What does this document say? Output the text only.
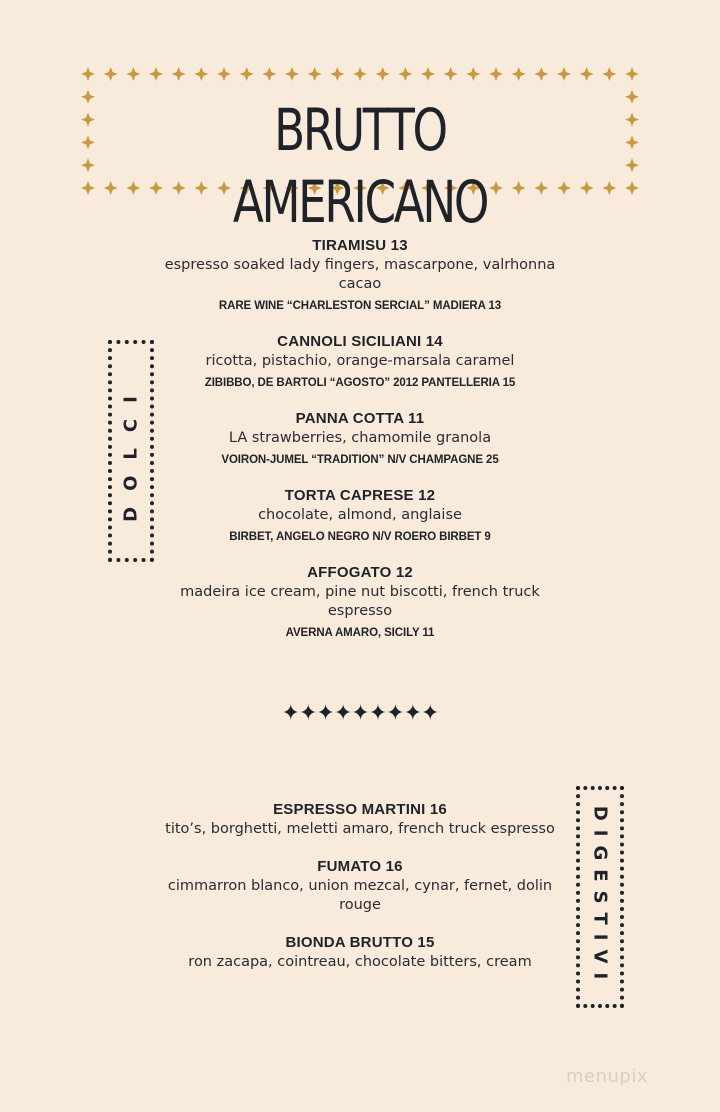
BRUTTO AMERICANO
DOLCI
TIRAMISU 13
espresso soaked lady fingers, mascarpone, valrhonna cacao
RARE WINE “CHARLESTON SERCIAL” MADIERA 13
CANNOLI SICILIANI 14
ricotta, pistachio, orange-marsala caramel
ZIBIBBO, DE BARTOLI “AGOSTO” 2012 PANTELLERIA 15
PANNA COTTA 11
LA strawberries, chamomile granola
VOIRON-JUMEL “TRADITION” N/V CHAMPAGNE 25
TORTA CAPRESE 12
chocolate, almond, anglaise
BIRBET, ANGELO NEGRO N/V ROERO BIRBET 9
AFFOGATO 12
madeira ice cream, pine nut biscotti, french truck espresso
AVERNA AMARO, SICILY 11
✦✦✦✦✦✦✦✦✦
DIGESTIVI
ESPRESSO MARTINI 16
tito’s, borghetti, meletti amaro, french truck espresso
FUMATO 16
cimmarron blanco, union mezcal, cynar, fernet, dolin rouge
BIONDA BRUTTO 15
ron zacapa, cointreau, chocolate bitters, cream
menupix
